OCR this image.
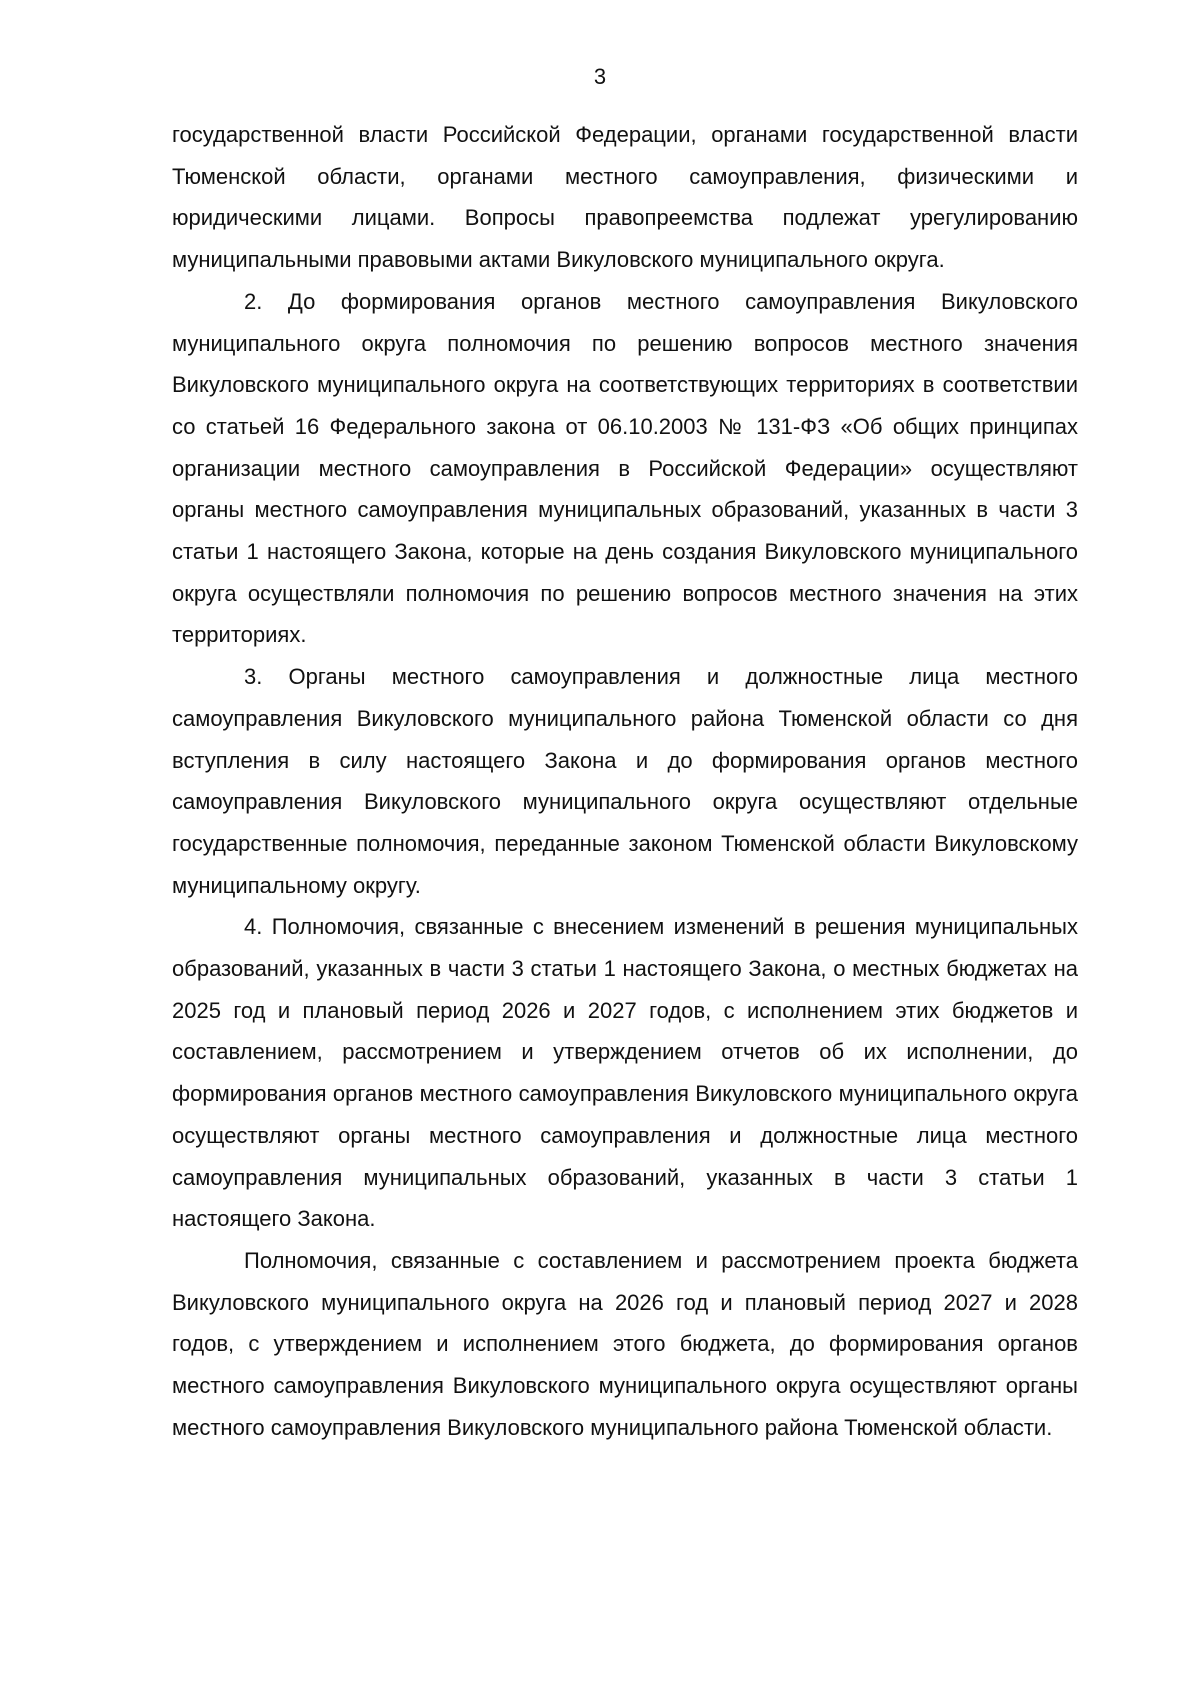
3

государственной власти Российской Федерации, органами государственной власти Тюменской области, органами местного самоуправления, физическими и юридическими лицами. Вопросы правопреемства подлежат урегулированию муниципальными правовыми актами Викуловского муниципального округа.

2. До формирования органов местного самоуправления Викуловского муниципального округа полномочия по решению вопросов местного значения Викуловского муниципального округа на соответствующих территориях в соответствии со статьей 16 Федерального закона от 06.10.2003 № 131-ФЗ «Об общих принципах организации местного самоуправления в Российской Федерации» осуществляют органы местного самоуправления муниципальных образований, указанных в части 3 статьи 1 настоящего Закона, которые на день создания Викуловского муниципального округа осуществляли полномочия по решению вопросов местного значения на этих территориях.

3. Органы местного самоуправления и должностные лица местного самоуправления Викуловского муниципального района Тюменской области со дня вступления в силу настоящего Закона и до формирования органов местного самоуправления Викуловского муниципального округа осуществляют отдельные государственные полномочия, переданные законом Тюменской области Викуловскому муниципальному округу.

4. Полномочия, связанные с внесением изменений в решения муниципальных образований, указанных в части 3 статьи 1 настоящего Закона, о местных бюджетах на 2025 год и плановый период 2026 и 2027 годов, с исполнением этих бюджетов и составлением, рассмотрением и утверждением отчетов об их исполнении, до формирования органов местного самоуправления Викуловского муниципального округа осуществляют органы местного самоуправления и должностные лица местного самоуправления муниципальных образований, указанных в части 3 статьи 1 настоящего Закона.

Полномочия, связанные с составлением и рассмотрением проекта бюджета Викуловского муниципального округа на 2026 год и плановый период 2027 и 2028 годов, с утверждением и исполнением этого бюджета, до формирования органов местного самоуправления Викуловского муниципального округа осуществляют органы местного самоуправления Викуловского муниципального района Тюменской области.
